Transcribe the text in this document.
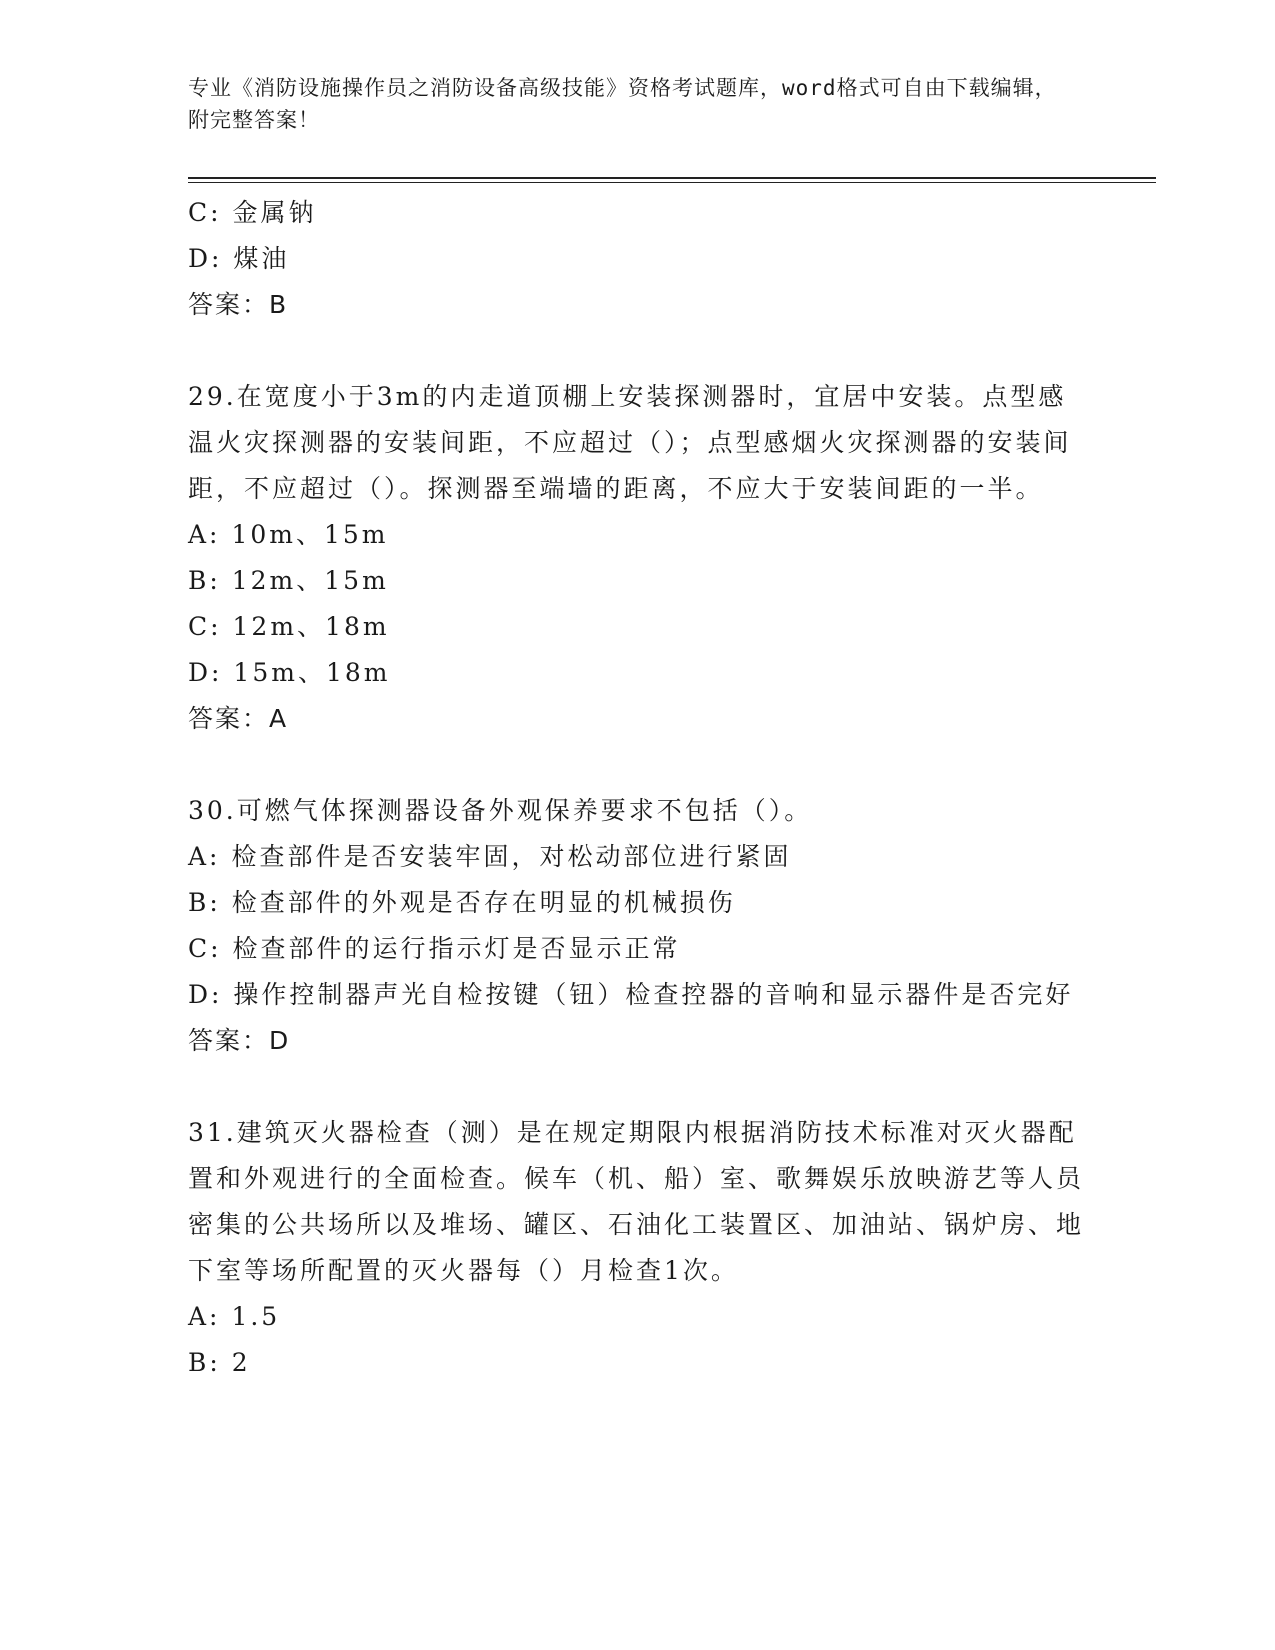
专业《消防设施操作员之消防设备高级技能》资格考试题库，word格式可自由下载编辑，附完整答案！

C: 金属钠

D: 煤油

答案：B

29.在宽度小于3m的内走道顶棚上安装探测器时，宜居中安装。点型感温火灾探测器的安装间距，不应超过（）；点型感烟火灾探测器的安装间距，不应超过（）。探测器至端墙的距离，不应大于安装间距的一半。

A: 10m、15m

B: 12m、15m

C: 12m、18m

D: 15m、18m

答案：A

30.可燃气体探测器设备外观保养要求不包括（）。

A: 检查部件是否安装牢固，对松动部位进行紧固

B: 检查部件的外观是否存在明显的机械损伤

C: 检查部件的运行指示灯是否显示正常

D: 操作控制器声光自检按键（钮）检查控器的音响和显示器件是否完好

答案：D

31.建筑灭火器检查（测）是在规定期限内根据消防技术标准对灭火器配置和外观进行的全面检查。候车（机、船）室、歌舞娱乐放映游艺等人员密集的公共场所以及堆场、罐区、石油化工装置区、加油站、锅炉房、地下室等场所配置的灭火器每（）月检查1次。

A: 1.5

B: 2
